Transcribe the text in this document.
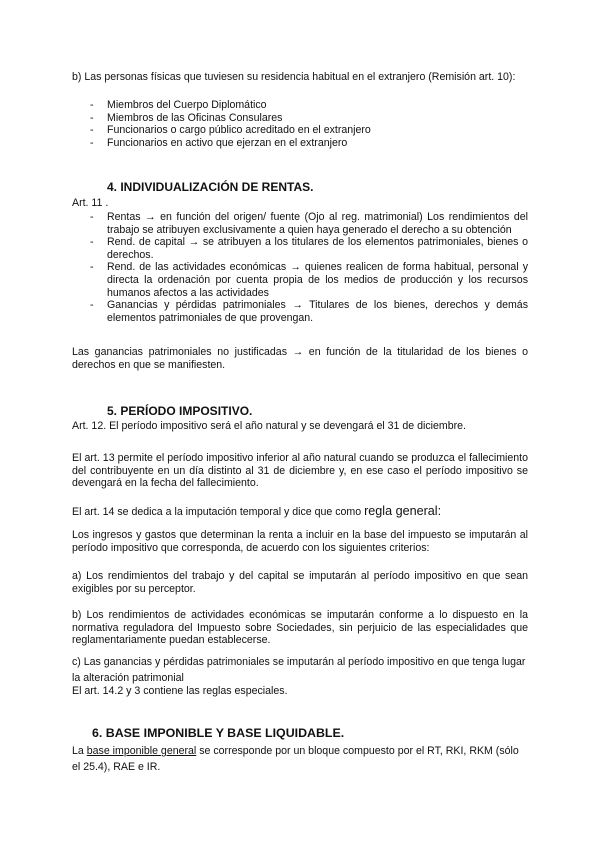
b) Las personas físicas que tuviesen su residencia habitual en el extranjero (Remisión art. 10):
- Miembros del Cuerpo Diplomático
- Miembros de las Oficinas Consulares
- Funcionarios o cargo público acreditado en el extranjero
- Funcionarios en activo que ejerzan en el extranjero
4. INDIVIDUALIZACIÓN DE RENTAS.
Art. 11 .
- Rentas → en función del origen/ fuente (Ojo al reg. matrimonial) Los rendimientos del trabajo se atribuyen exclusivamente a quien haya generado el derecho a su obtención
- Rend. de capital → se atribuyen a los titulares de los elementos patrimoniales, bienes o derechos.
- Rend. de las actividades económicas → quienes realicen de forma habitual, personal y directa la ordenación por cuenta propia de los medios de producción y los recursos humanos afectos a las actividades
- Ganancias y pérdidas patrimoniales → Titulares de los bienes, derechos y demás elementos patrimoniales de que provengan.
Las ganancias patrimoniales no justificadas → en función de la titularidad de los bienes o derechos en que se manifiesten.
5. PERÍODO IMPOSITIVO.
Art. 12. El período impositivo será el año natural y se devengará el 31 de diciembre.
El art. 13 permite el período impositivo inferior al año natural cuando se produzca el fallecimiento del contribuyente en un día distinto al 31 de diciembre y, en ese caso el período impositivo se devengará en la fecha del fallecimiento.
El art. 14 se dedica a la imputación temporal y dice que como regla general:
Los ingresos y gastos que determinan la renta a incluir en la base del impuesto se imputarán al período impositivo que corresponda, de acuerdo con los siguientes criterios:
a) Los rendimientos del trabajo y del capital se imputarán al período impositivo en que sean exigibles por su perceptor.
b) Los rendimientos de actividades económicas se imputarán conforme a lo dispuesto en la normativa reguladora del Impuesto sobre Sociedades, sin perjuicio de las especialidades que reglamentariamente puedan establecerse.
c) Las ganancias y pérdidas patrimoniales se imputarán al período impositivo en que tenga lugar la alteración patrimonial
El art. 14.2 y 3 contiene las reglas especiales.
6. BASE IMPONIBLE Y BASE LIQUIDABLE.
La base imponible general se corresponde por un bloque compuesto por el RT, RKI, RKM (sólo el 25.4), RAE e IR.
